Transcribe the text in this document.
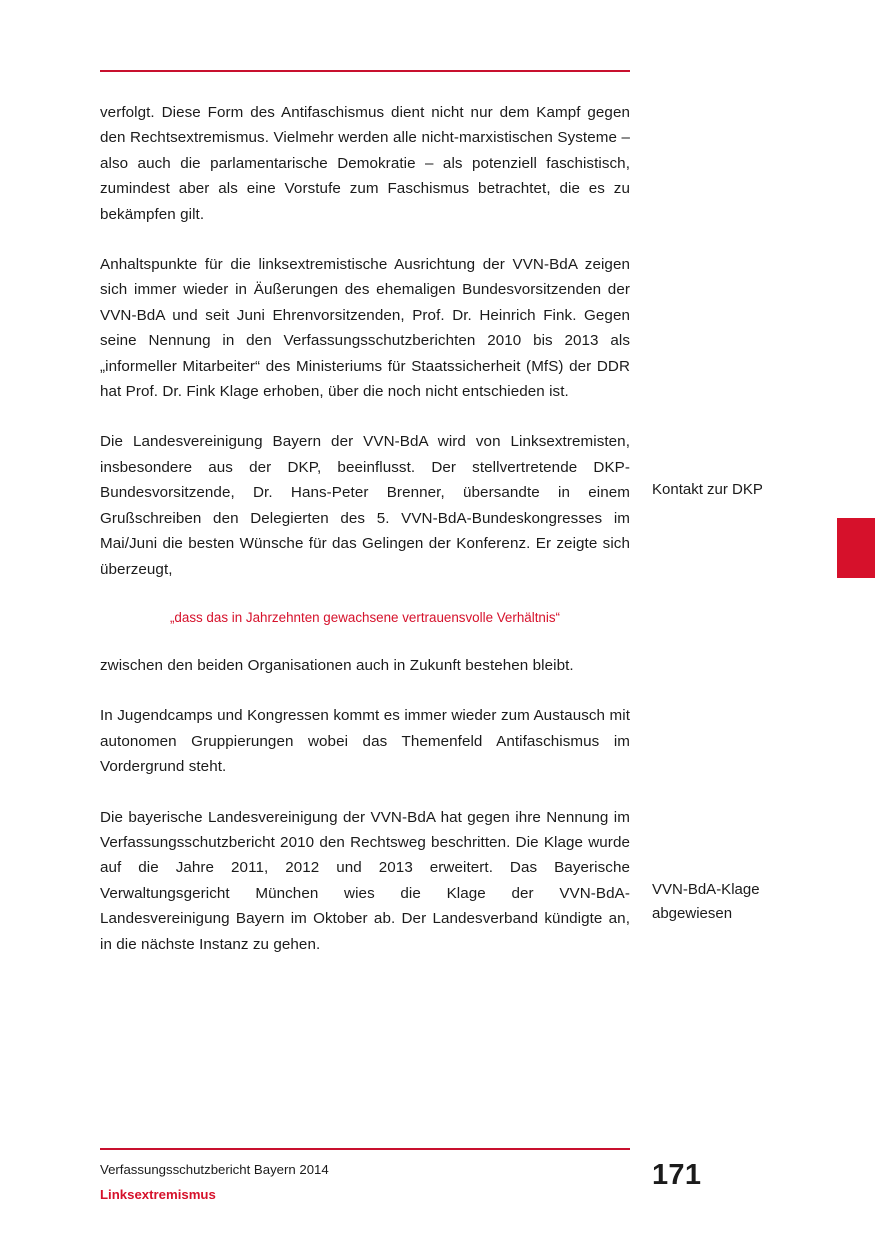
verfolgt. Diese Form des Antifaschismus dient nicht nur dem Kampf gegen den Rechtsextremismus. Vielmehr werden alle nicht-marxistischen Systeme – also auch die parlamentarische Demokratie – als potenziell faschistisch, zumindest aber als eine Vorstufe zum Faschismus betrachtet, die es zu bekämpfen gilt.

Anhaltspunkte für die linksextremistische Ausrichtung der VVN-BdA zeigen sich immer wieder in Äußerungen des ehemaligen Bundesvorsitzenden der VVN-BdA und seit Juni Ehrenvorsitzenden, Prof. Dr. Heinrich Fink. Gegen seine Nennung in den Verfassungsschutzberichten 2010 bis 2013 als „informeller Mitarbeiter“ des Ministeriums für Staatssicherheit (MfS) der DDR hat Prof. Dr. Fink Klage erhoben, über die noch nicht entschieden ist.

Die Landesvereinigung Bayern der VVN-BdA wird von Linksextremisten, insbesondere aus der DKP, beeinflusst. Der stellvertretende DKP-Bundesvorsitzende, Dr. Hans-Peter Brenner, übersandte in einem Grußschreiben den Delegierten des 5. VVN-BdA-Bundeskongresses im Mai/Juni die besten Wünsche für das Gelingen der Konferenz. Er zeigte sich überzeugt,

„dass das in Jahrzehnten gewachsene vertrauensvolle Verhältnis“

zwischen den beiden Organisationen auch in Zukunft bestehen bleibt.

In Jugendcamps und Kongressen kommt es immer wieder zum Austausch mit autonomen Gruppierungen wobei das Themenfeld Antifaschismus im Vordergrund steht.

Die bayerische Landesvereinigung der VVN-BdA hat gegen ihre Nennung im Verfassungsschutzbericht 2010 den Rechtsweg beschritten. Die Klage wurde auf die Jahre 2011, 2012 und 2013 erweitert. Das Bayerische Verwaltungsgericht München wies die Klage der VVN-BdA-Landesvereinigung Bayern im Oktober ab. Der Landesverband kündigte an, in die nächste Instanz zu gehen.

Kontakt zur DKP
VVN-BdA-Klage abgewiesen
Verfassungsschutzbericht Bayern 2014
Linksextremismus
171
